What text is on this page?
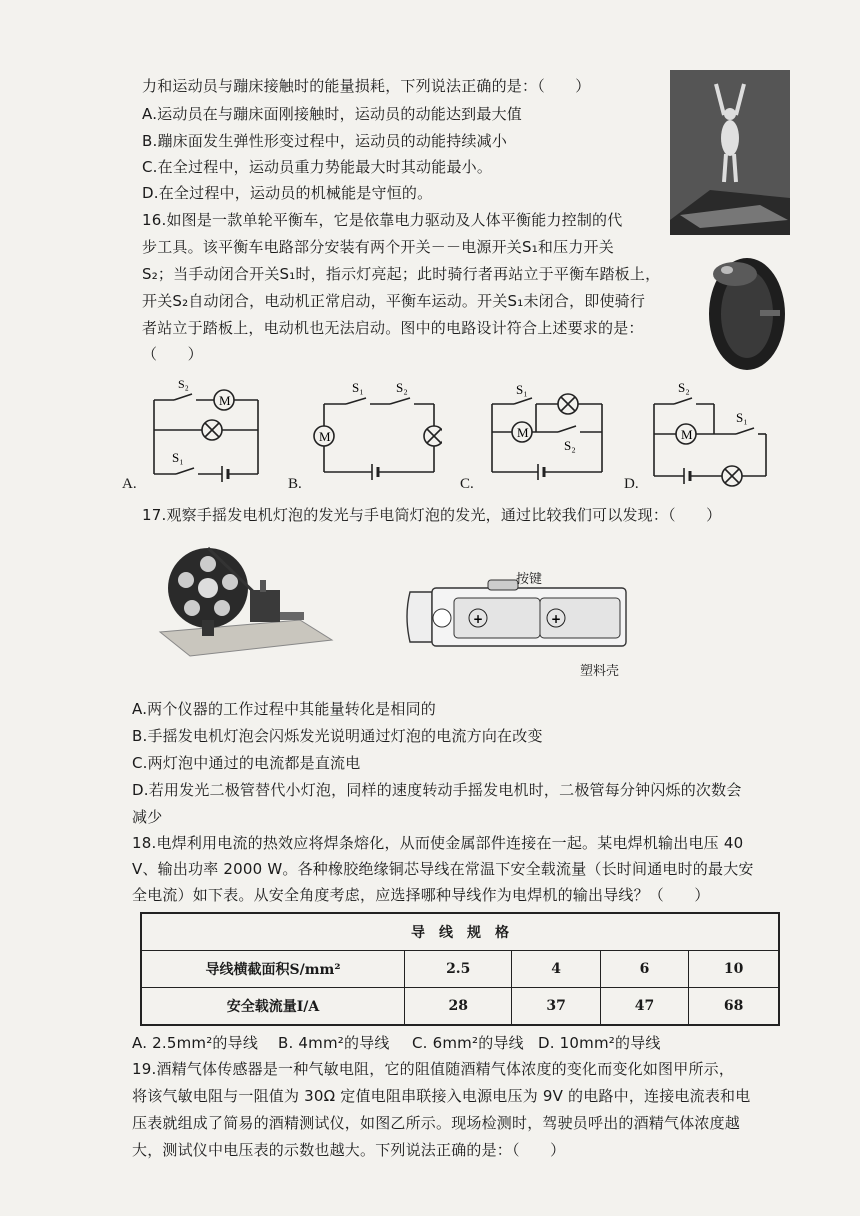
力和运动员与蹦床接触时的能量损耗，下列说法正确的是：（　　）
A.运动员在与蹦床面刚接触时，运动员的动能达到最大值
B.蹦床面发生弹性形变过程中，运动员的动能持续减小
C.在全过程中，运动员重力势能最大时其动能最小。
D.在全过程中，运动员的机械能是守恒的。
16.如图是一款单轮平衡车，它是依靠电力驱动及人体平衡能力控制的代
步工具。该平衡车电路部分安装有两个开关－－电源开关S₁和压力开关
S₂；当手动闭合开关S₁时，指示灯亮起；此时骑行者再站立于平衡车踏板上，
开关S₂自动闭合，电动机正常启动，平衡车运动。开关S₁未闭合，即使骑行
者站立于踏板上，电动机也无法启动。图中的电路设计符合上述要求的是：
（　　）
M
S₂
S₁
A.
M
S₁ S₂
B.
M
S₁
S₂
C.
M
S₂
S₁
D.
17.观察手摇发电机灯泡的发光与手电筒灯泡的发光，通过比较我们可以发现：（　　）
+	+
按键
塑料壳
A.两个仪器的工作过程中其能量转化是相同的
B.手摇发电机灯泡会闪烁发光说明通过灯泡的电流方向在改变
C.两灯泡中通过的电流都是直流电
D.若用发光二极管替代小灯泡，同样的速度转动手摇发电机时，二极管每分钟闪烁的次数会
减少
18.电焊利用电流的热效应将焊条熔化，从而使金属部件连接在一起。某电焊机输出电压 40
V、输出功率 2000 W。各种橡胶绝缘铜芯导线在常温下安全载流量（长时间通电时的最大安
全电流）如下表。从安全角度考虑，应选择哪种导线作为电焊机的输出导线？（　　）
导　线　规　格				
导线横截面积S/mm²	2.5	4	6	10
安全载流量I/A	28	37	47	68
A. 2.5mm²的导线 B. 4mm²的导线 C. 6mm²的导线 D. 10mm²的导线
19.酒精气体传感器是一种气敏电阻，它的阻值随酒精气体浓度的变化而变化如图甲所示，
将该气敏电阻与一阻值为 30Ω 定值电阻串联接入电源电压为 9V 的电路中，连接电流表和电
压表就组成了简易的酒精测试仪，如图乙所示。现场检测时，驾驶员呼出的酒精气体浓度越
大，测试仪中电压表的示数也越大。下列说法正确的是：（　　）
